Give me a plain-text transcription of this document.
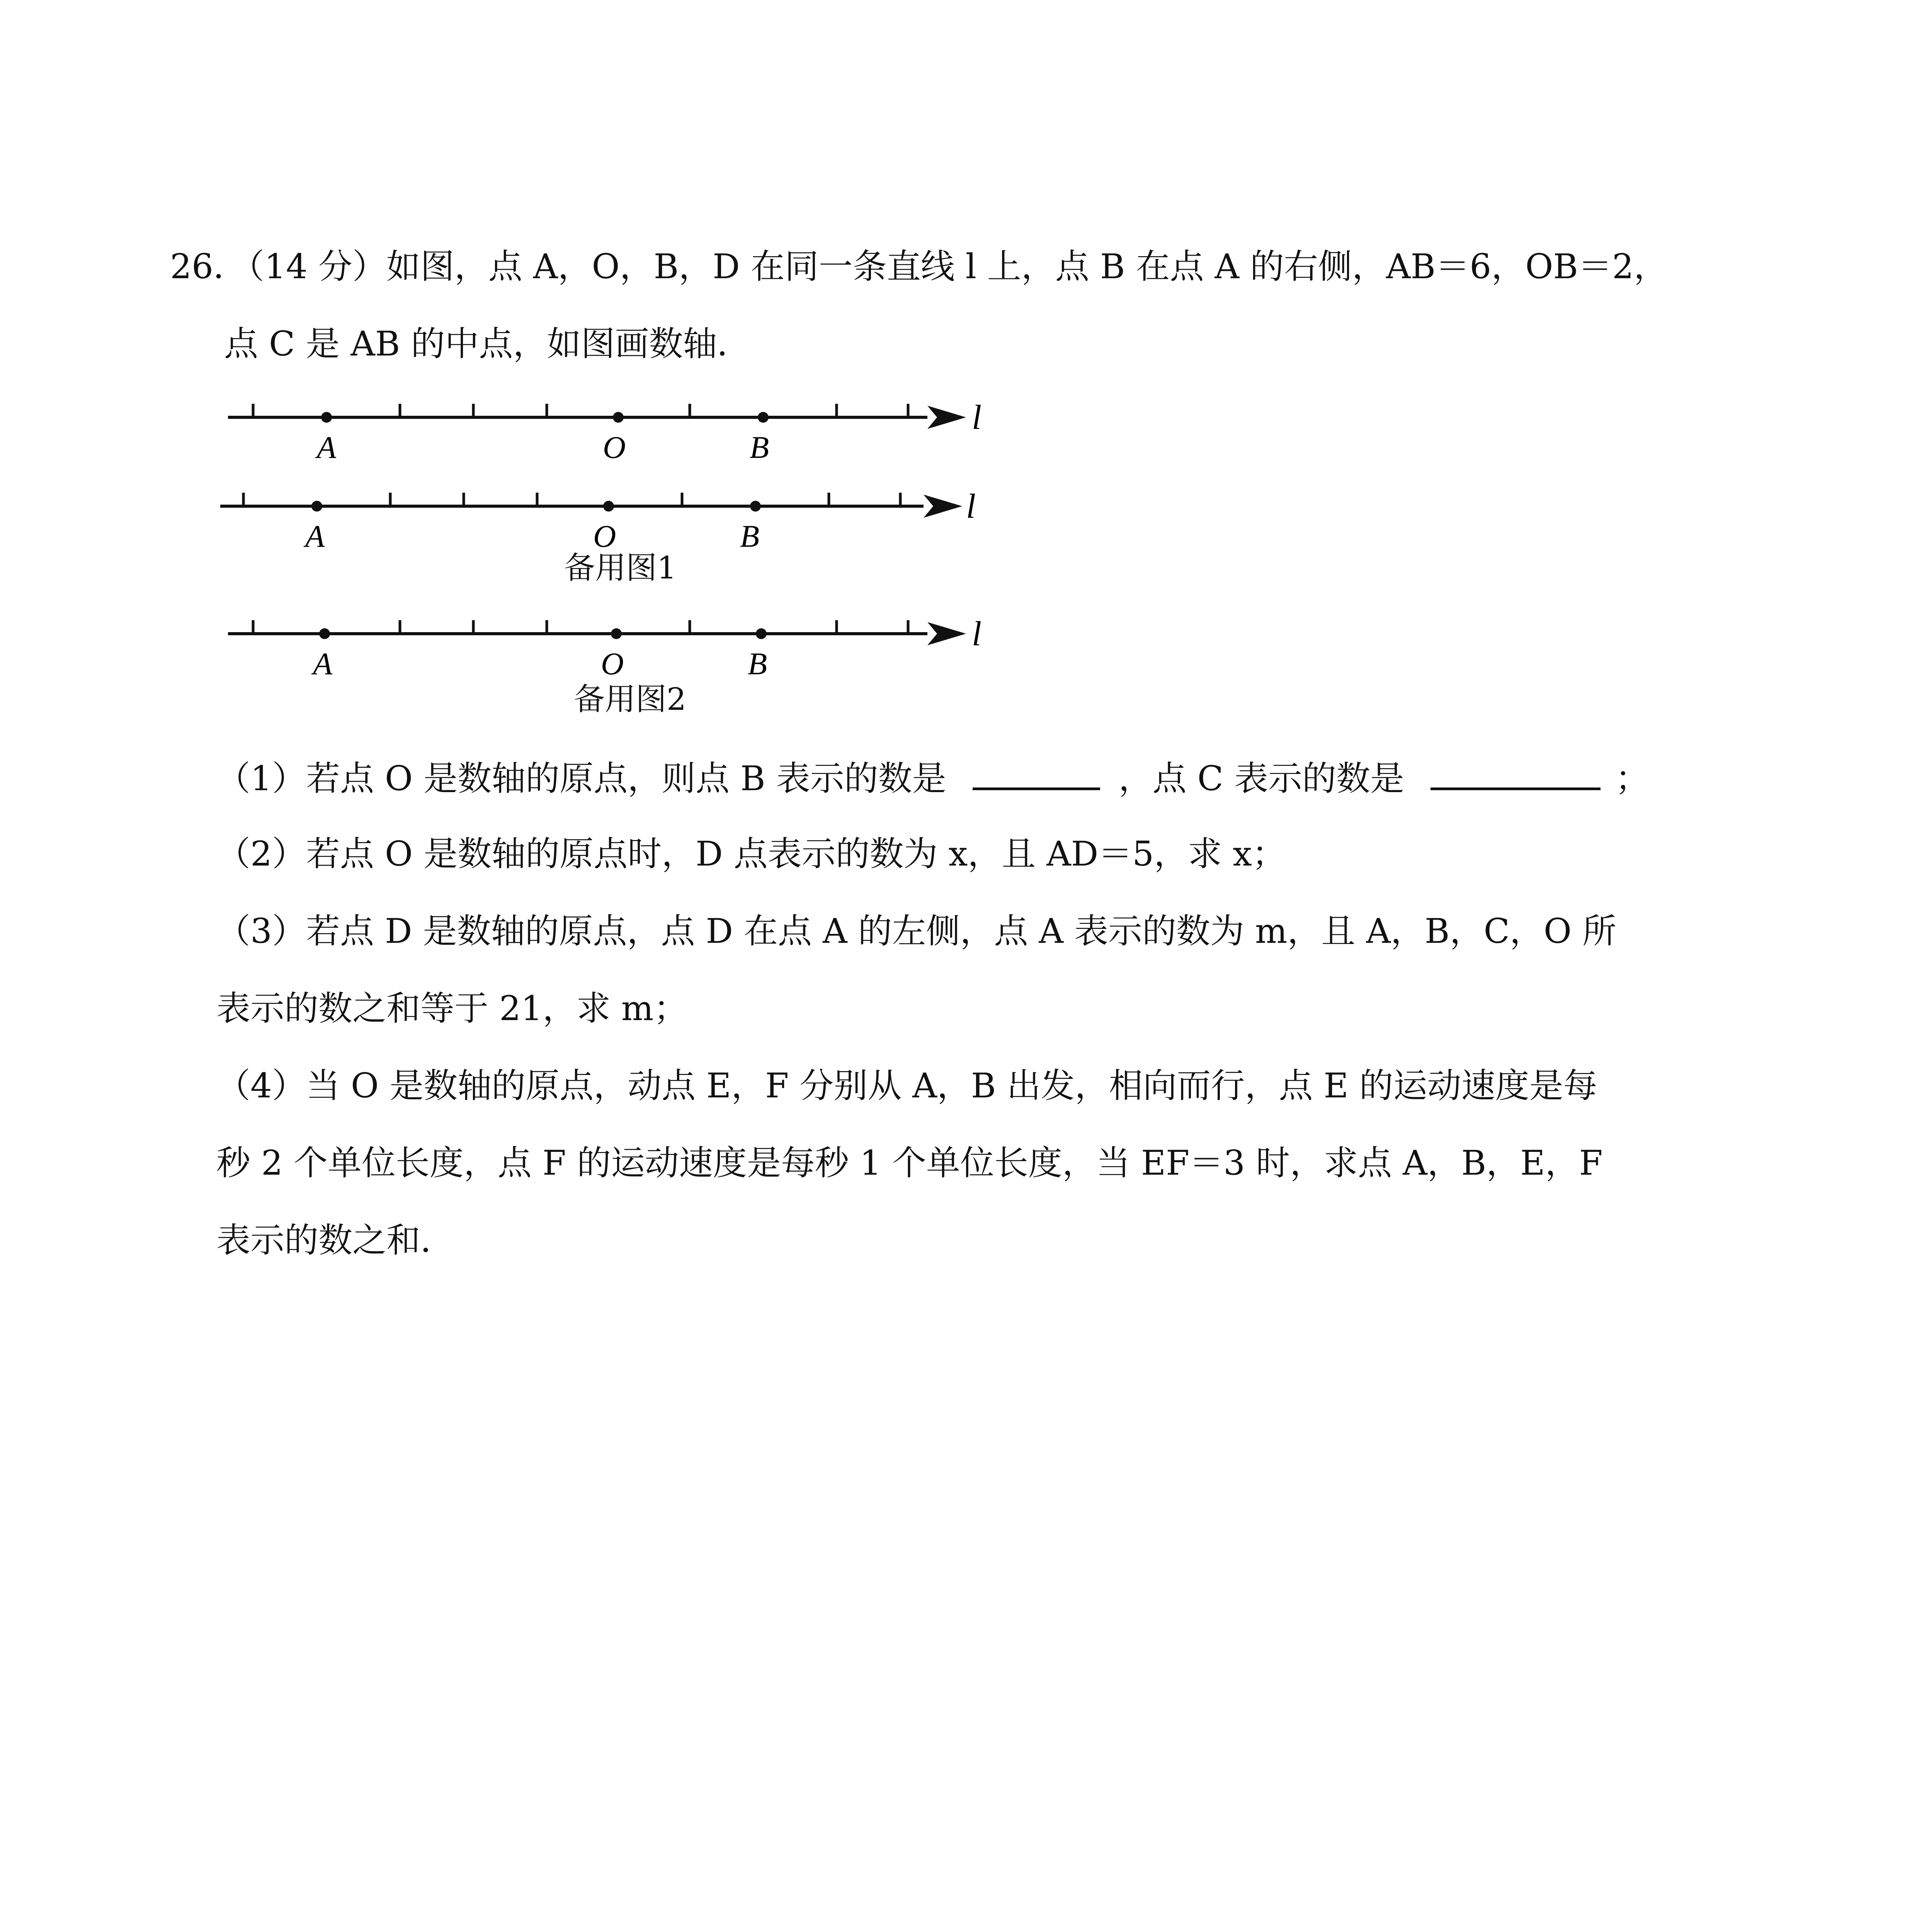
26．（14 分）如图，点 A，O，B，D 在同一条直线 l 上，点 B 在点 A 的右侧，AB＝6，OB＝2，
点 C 是 AB 的中点，如图画数轴．
A	O	B
l
A	O	B
l
A	O	B
l
备用图1
备用图2
（1）若点 O 是数轴的原点，则点 B 表示的数是	，点 C 表示的数是	；
（2）若点 O 是数轴的原点时，D 点表示的数为 x，且 AD＝5，求 x；
（3）若点 D 是数轴的原点，点 D 在点 A 的左侧，点 A 表示的数为 m，且 A，B，C，O 所
表示的数之和等于 21，求 m；
（4）当 O 是数轴的原点，动点 E，F 分别从 A，B 出发，相向而行，点 E 的运动速度是每
秒 2 个单位长度，点 F 的运动速度是每秒 1 个单位长度，当 EF＝3 时，求点 A，B，E，F
表示的数之和．
